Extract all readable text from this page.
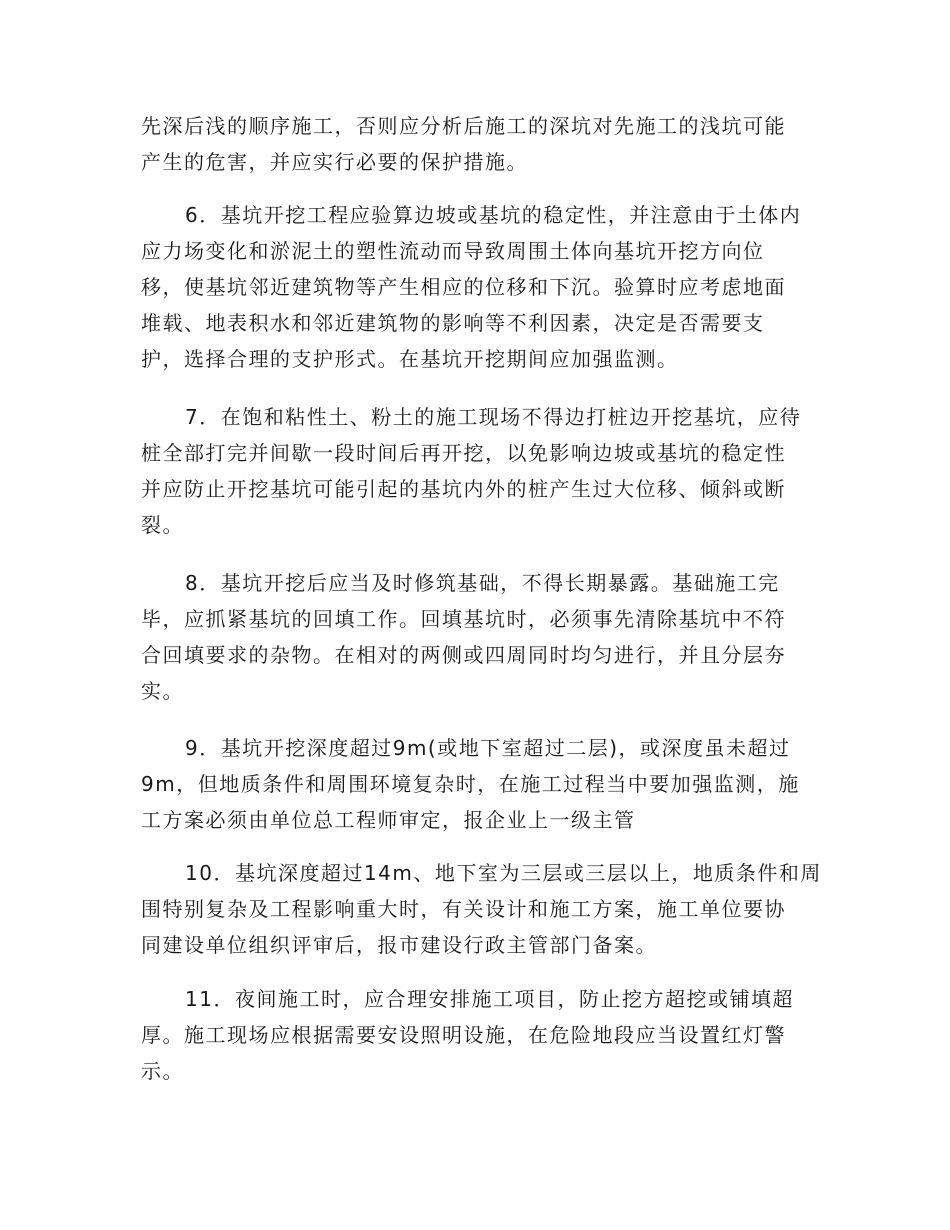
先深后浅的顺序施工，否则应分析后施工的深坑对先施工的浅坑可能
产生的危害，并应实行必要的保护措施。
6．基坑开挖工程应验算边坡或基坑的稳定性，并注意由于土体内
应力场变化和淤泥土的塑性流动而导致周围土体向基坑开挖方向位
移，使基坑邻近建筑物等产生相应的位移和下沉。验算时应考虑地面
堆载、地表积水和邻近建筑物的影响等不利因素，决定是否需要支
护，选择合理的支护形式。在基坑开挖期间应加强监测。
7．在饱和粘性土、粉土的施工现场不得边打桩边开挖基坑，应待
桩全部打完并间歇一段时间后再开挖，以免影响边坡或基坑的稳定性
并应防止开挖基坑可能引起的基坑内外的桩产生过大位移、倾斜或断
裂。
8．基坑开挖后应当及时修筑基础，不得长期暴露。基础施工完
毕，应抓紧基坑的回填工作。回填基坑时，必须事先清除基坑中不符
合回填要求的杂物。在相对的两侧或四周同时均匀进行，并且分层夯
实。
9．基坑开挖深度超过9m(或地下室超过二层)，或深度虽未超过
9m，但地质条件和周围环境复杂时，在施工过程当中要加强监测，施
工方案必须由单位总工程师审定，报企业上一级主管
10．基坑深度超过14m、地下室为三层或三层以上，地质条件和周
围特别复杂及工程影响重大时，有关设计和施工方案，施工单位要协
同建设单位组织评审后，报市建设行政主管部门备案。
11．夜间施工时，应合理安排施工项目，防止挖方超挖或铺填超
厚。施工现场应根据需要安设照明设施，在危险地段应当设置红灯警
示。
